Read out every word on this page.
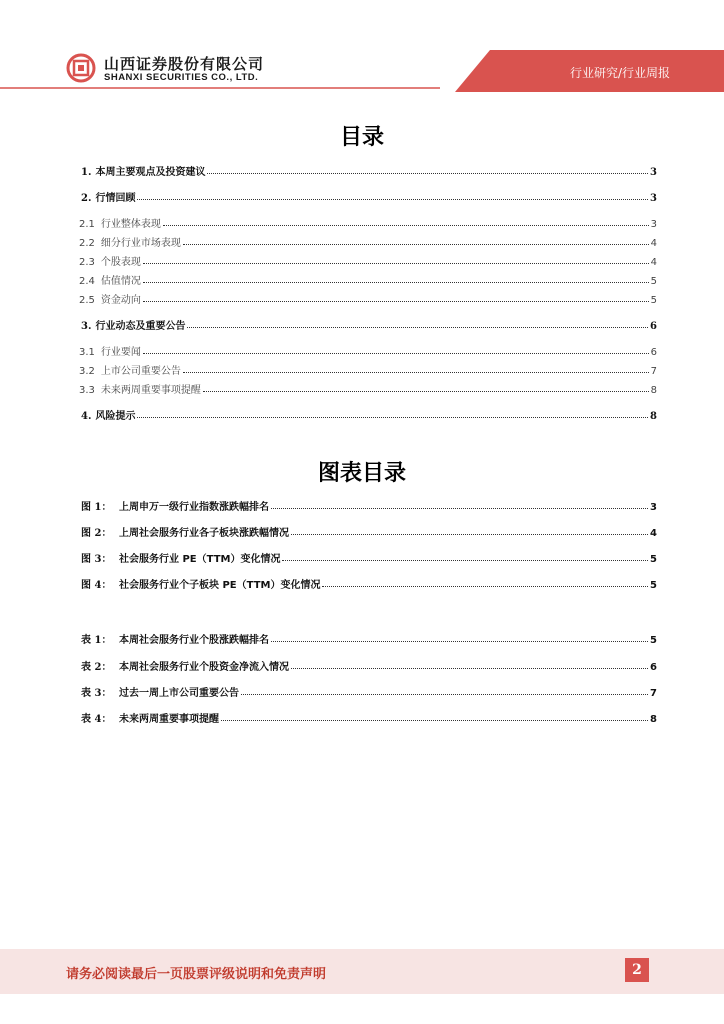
山西证券股份有限公司
SHANXI SECURITIES CO., LTD.	行业研究/行业周报
目录
1. 本周主要观点及投资建议	3
2. 行情回顾	3
2.1 行业整体表现	3
2.2 细分行业市场表现	4
2.3 个股表现	4
2.4 估值情况	5
2.5 资金动向	5
3. 行业动态及重要公告	6
3.1 行业要闻	6
3.2 上市公司重要公告	7
3.3 未来两周重要事项提醒	8
4. 风险提示	8
图表目录
图 1： 上周申万一级行业指数涨跌幅排名	3
图 2： 上周社会服务行业各子板块涨跌幅情况	4
图 3： 社会服务行业 PE（TTM）变化情况	5
图 4： 社会服务行业个子板块 PE（TTM）变化情况	5
表 1： 本周社会服务行业个股涨跌幅排名	5
表 2： 本周社会服务行业个股资金净流入情况	6
表 3： 过去一周上市公司重要公告	7
表 4： 未来两周重要事项提醒	8
请务必阅读最后一页股票评级说明和免责声明	2
